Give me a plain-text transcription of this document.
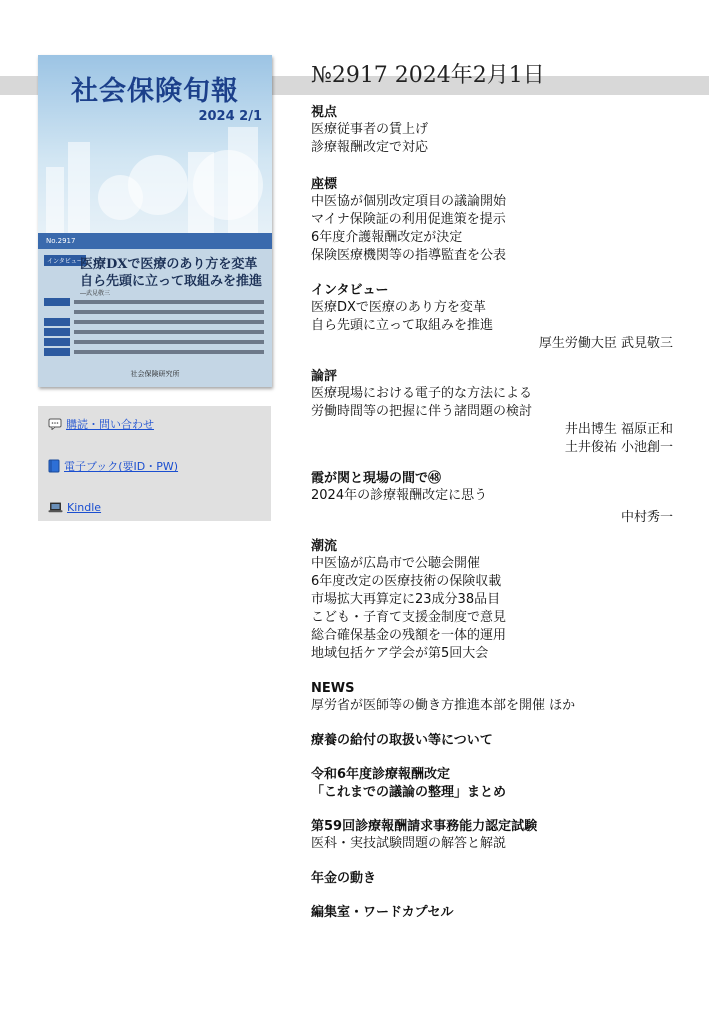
社会保険旬報
2024 2/1
No.2917
インタビュー
医療DXで医療のあり方を変革
自ら先頭に立って取組みを推進
―武見敬三
社会保険研究所
購読・問い合わせ
電子ブック(要ID・PW)
Kindle
№2917 2024年2月1日
視点
医療従事者の賃上げ
診療報酬改定で対応
座標
中医協が個別改定項目の議論開始
マイナ保険証の利用促進策を提示
6年度介護報酬改定が決定
保険医療機関等の指導監査を公表
インタビュー
医療DXで医療のあり方を変革
自ら先頭に立って取組みを推進
厚生労働大臣 武見敬三
論評
医療現場における電子的な方法による
労働時間等の把握に伴う諸問題の検討
井出博生 福原正和
土井俊祐 小池創一
霞が関と現場の間で㊽
2024年の診療報酬改定に思う
中村秀一
潮流
中医協が広島市で公聴会開催
6年度改定の医療技術の保険収載
市場拡大再算定に23成分38品目
こども・子育て支援金制度で意見
総合確保基金の残額を一体的運用
地域包括ケア学会が第5回大会
NEWS
厚労省が医師等の働き方推進本部を開催 ほか
療養の給付の取扱い等について
令和6年度診療報酬改定
「これまでの議論の整理」まとめ
第59回診療報酬請求事務能力認定試験
医科・実技試験問題の解答と解説
年金の動き
編集室・ワードカプセル
